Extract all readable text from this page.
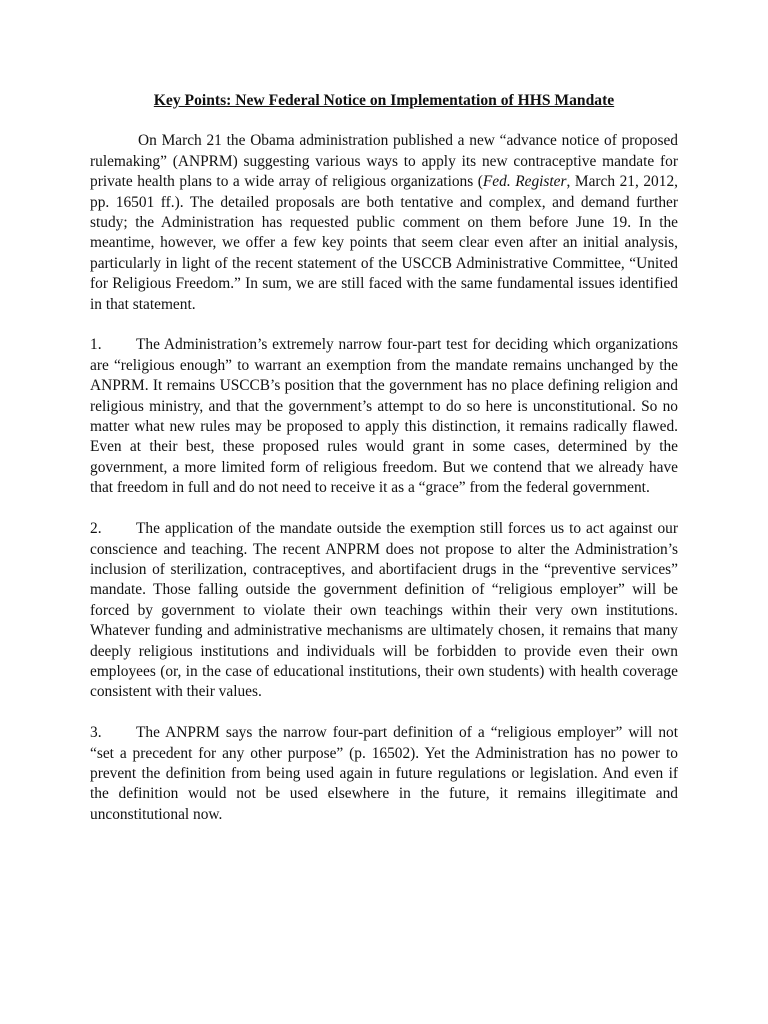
Key Points: New Federal Notice on Implementation of HHS Mandate

On March 21 the Obama administration published a new “advance notice of proposed rulemaking” (ANPRM) suggesting various ways to apply its new contraceptive mandate for private health plans to a wide array of religious organizations (Fed. Register, March 21, 2012, pp. 16501 ff.). The detailed proposals are both tentative and complex, and demand further study; the Administration has requested public comment on them before June 19. In the meantime, however, we offer a few key points that seem clear even after an initial analysis, particularly in light of the recent statement of the USCCB Administrative Committee, “United for Religious Freedom.” In sum, we are still faced with the same fundamental issues identified in that statement.

1. The Administration’s extremely narrow four-part test for deciding which organizations are “religious enough” to warrant an exemption from the mandate remains unchanged by the ANPRM. It remains USCCB’s position that the government has no place defining religion and religious ministry, and that the government’s attempt to do so here is unconstitutional. So no matter what new rules may be proposed to apply this distinction, it remains radically flawed. Even at their best, these proposed rules would grant in some cases, determined by the government, a more limited form of religious freedom. But we contend that we already have that freedom in full and do not need to receive it as a “grace” from the federal government.

2. The application of the mandate outside the exemption still forces us to act against our conscience and teaching. The recent ANPRM does not propose to alter the Administration’s inclusion of sterilization, contraceptives, and abortifacient drugs in the “preventive services” mandate. Those falling outside the government definition of “religious employer” will be forced by government to violate their own teachings within their very own institutions. Whatever funding and administrative mechanisms are ultimately chosen, it remains that many deeply religious institutions and individuals will be forbidden to provide even their own employees (or, in the case of educational institutions, their own students) with health coverage consistent with their values.

3. The ANPRM says the narrow four-part definition of a “religious employer” will not “set a precedent for any other purpose” (p. 16502). Yet the Administration has no power to prevent the definition from being used again in future regulations or legislation. And even if the definition would not be used elsewhere in the future, it remains illegitimate and unconstitutional now.
